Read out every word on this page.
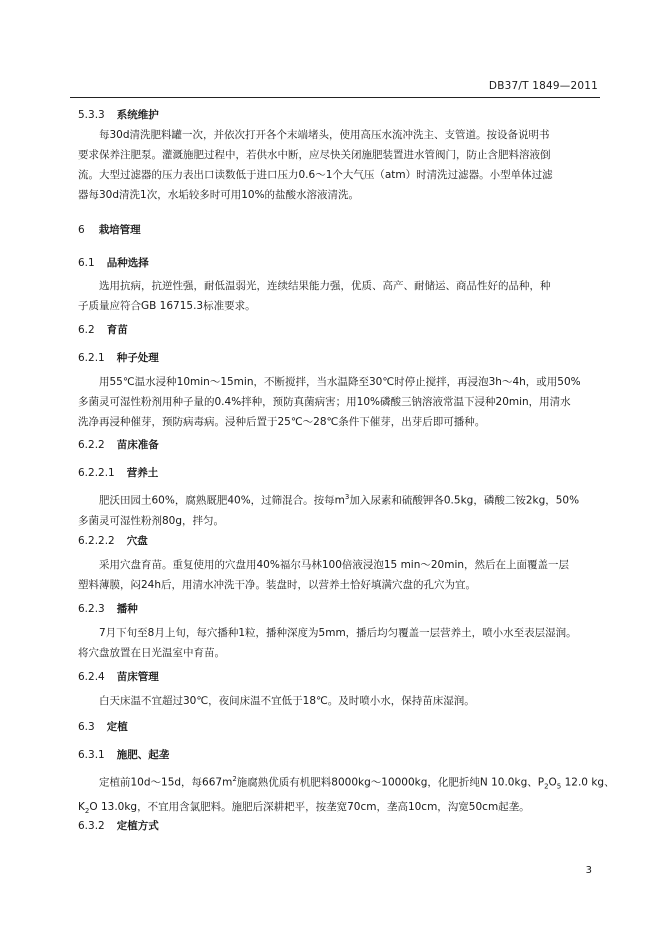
DB37/T 1849—2011
5.3.3 系统维护
每30d清洗肥料罐一次，并依次打开各个末端堵头，使用高压水流冲洗主、支管道。按设备说明书
要求保养注肥泵。灌溉施肥过程中，若供水中断，应尽快关闭施肥装置进水管阀门，防止含肥料溶液倒
流。大型过滤器的压力表出口读数低于进口压力0.6～1个大气压（atm）时清洗过滤器。小型单体过滤
器每30d清洗1次，水垢较多时可用10%的盐酸水溶液清洗。
6 栽培管理
6.1 品种选择
选用抗病，抗逆性强，耐低温弱光，连续结果能力强，优质、高产、耐储运、商品性好的品种，种
子质量应符合GB 16715.3标准要求。
6.2 育苗
6.2.1 种子处理
用55℃温水浸种10min～15min，不断搅拌，当水温降至30℃时停止搅拌，再浸泡3h～4h，或用50%
多菌灵可湿性粉剂用种子量的0.4%拌种，预防真菌病害；用10%磷酸三钠溶液常温下浸种20min，用清水
洗净再浸种催芽，预防病毒病。浸种后置于25℃～28℃条件下催芽，出芽后即可播种。
6.2.2 苗床准备
6.2.2.1 营养土
肥沃田园土60%，腐熟厩肥40%，过筛混合。按每$m^3$加入尿素和硫酸钾各0.5kg，磷酸二铵2kg，50%
多菌灵可湿性粉剂80g，拌匀。
6.2.2.2 穴盘
采用穴盘育苗。重复使用的穴盘用40%福尔马林100倍液浸泡15 min～20min，然后在上面覆盖一层
塑料薄膜，闷24h后，用清水冲洗干净。装盘时，以营养土恰好填满穴盘的孔穴为宜。
6.2.3 播种
7月下旬至8月上旬，每穴播种1粒，播种深度为5mm，播后均匀覆盖一层营养土，喷小水至表层湿润。
将穴盘放置在日光温室中育苗。
6.2.4 苗床管理
白天床温不宜超过30℃，夜间床温不宜低于18℃。及时喷小水，保持苗床湿润。
6.3 定植
6.3.1 施肥、起垄
定植前10d～15d，每$667m^2$施腐熟优质有机肥料8000kg～10000kg，化肥折纯N 10.0kg、$P_2O_5$ 12.0 kg、
$K_2O$ 13.0kg，不宜用含氯肥料。施肥后深耕耙平，按垄宽70cm，垄高10cm，沟宽50cm起垄。
6.3.2 定植方式
3
